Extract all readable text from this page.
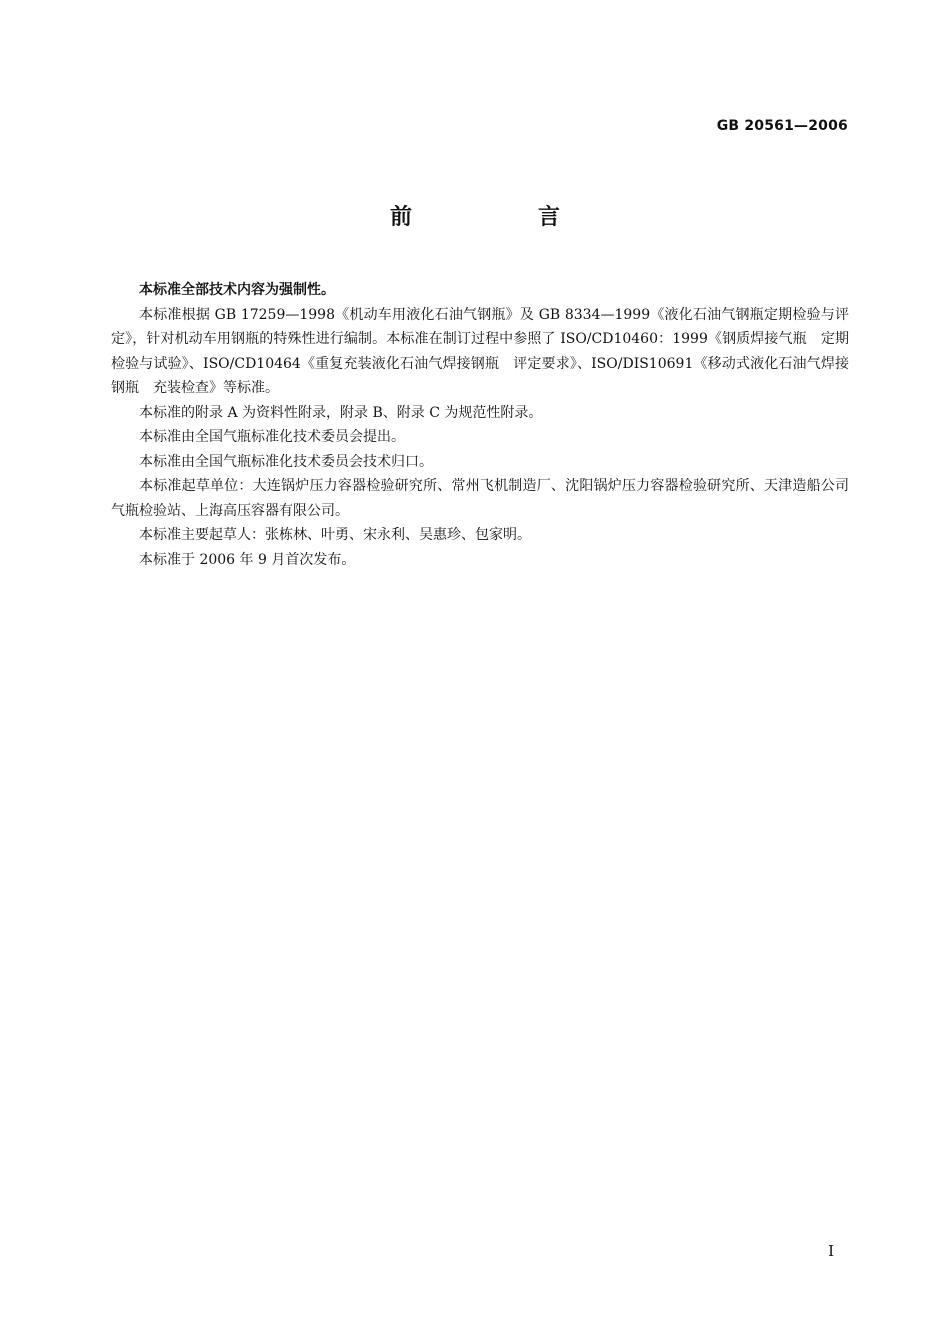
GB 20561—2006
前　言

本标准全部技术内容为强制性。

本标准根据 GB 17259—1998《机动车用液化石油气钢瓶》及 GB 8334—1999《液化石油气钢瓶定期检验与评定》，针对机动车用钢瓶的特殊性进行编制。本标准在制订过程中参照了 ISO/CD10460：1999《钢质焊接气瓶　定期检验与试验》、ISO/CD10464《重复充装液化石油气焊接钢瓶　评定要求》、ISO/DIS10691《移动式液化石油气焊接钢瓶　充装检查》等标准。

本标准的附录 A 为资料性附录，附录 B、附录 C 为规范性附录。

本标准由全国气瓶标准化技术委员会提出。

本标准由全国气瓶标准化技术委员会技术归口。

本标准起草单位：大连锅炉压力容器检验研究所、常州飞机制造厂、沈阳锅炉压力容器检验研究所、天津造船公司气瓶检验站、上海高压容器有限公司。

本标准主要起草人：张栋林、叶勇、宋永利、吴惠珍、包家明。

本标准于 2006 年 9 月首次发布。

I
